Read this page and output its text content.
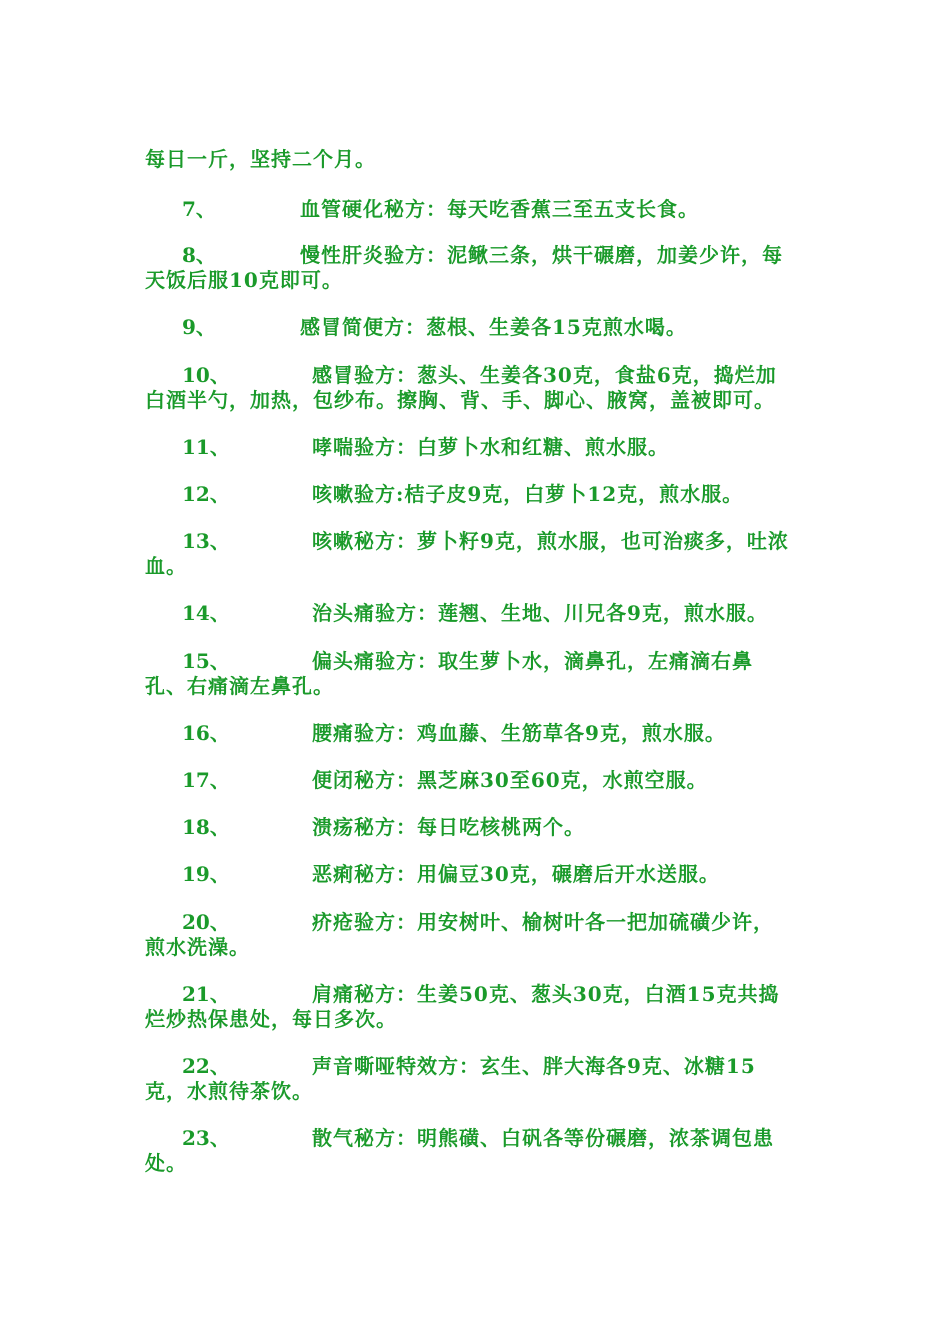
每日一斤，坚持二个月。
7、	血管硬化秘方：每天吃香蕉三至五支长食。
8、	慢性肝炎验方：泥鳅三条，烘干碾磨，加姜少许，每
天饭后服10克即可。
9、	感冒简便方：葱根、生姜各15克煎水喝。
10、	感冒验方：葱头、生姜各30克，食盐6克，捣烂加
白酒半勺，加热，包纱布。擦胸、背、手、脚心、腋窝，盖被即可。
11、	哮喘验方：白萝卜水和红糖、煎水服。
12、	咳嗽验方:桔子皮9克，白萝卜12克，煎水服。
13、	咳嗽秘方：萝卜籽9克，煎水服，也可治痰多，吐浓
血。
14、	治头痛验方：莲翘、生地、川兄各9克，煎水服。
15、	偏头痛验方：取生萝卜水，滴鼻孔，左痛滴右鼻
孔、右痛滴左鼻孔。
16、	腰痛验方：鸡血藤、生筋草各9克，煎水服。
17、	便闭秘方：黑芝麻30至60克，水煎空服。
18、	溃疡秘方：每日吃核桃两个。
19、	恶痢秘方：用偏豆30克，碾磨后开水送服。
20、	疥疮验方：用安树叶、榆树叶各一把加硫磺少许，
煎水洗澡。
21、	肩痛秘方：生姜50克、葱头30克，白酒15克共捣
烂炒热保患处，每日多次。
22、	声音嘶哑特效方：玄生、胖大海各9克、冰糖15
克，水煎待茶饮。
23、	散气秘方：明熊磺、白矾各等份碾磨，浓茶调包患
处。
